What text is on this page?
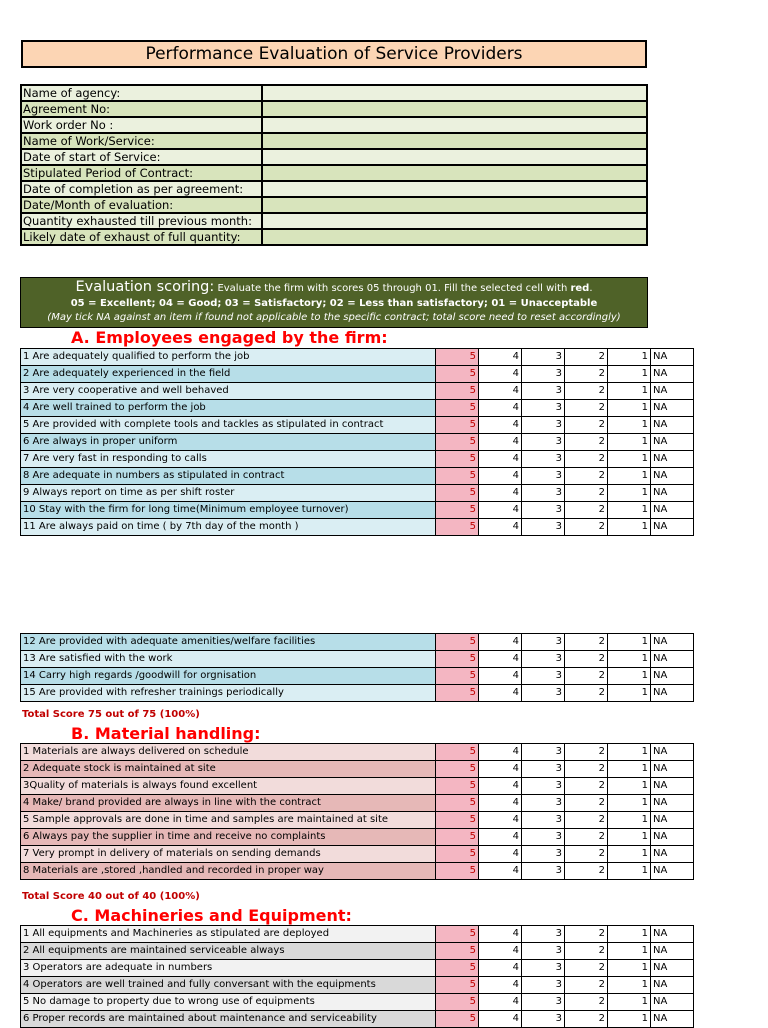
Performance Evaluation of Service Providers
Name of agency:	
Agreement No:	
Work order No :	
Name of Work/Service:	
Date of start of Service:	
Stipulated Period of Contract:	
Date of completion as per agreement:	
Date/Month of evaluation:	
Quantity exhausted till previous month:	
Likely date of exhaust of full quantity:	
Evaluation scoring: Evaluate the firm with scores 05 through 01. Fill the selected cell with red.
05 = Excellent; 04 = Good; 03 = Satisfactory; 02 = Less than satisfactory; 01 = Unacceptable
(May tick NA against an item if found not applicable to the specific contract; total score need to reset accordingly)
A. Employees engaged by the firm:
1 Are adequately qualified to perform the job	5	4	3	2	1	NA
2 Are adequately experienced in the field	5	4	3	2	1	NA
3 Are very cooperative and well behaved	5	4	3	2	1	NA
4 Are well trained to perform the job	5	4	3	2	1	NA
5 Are provided with complete tools and tackles as stipulated in contract	5	4	3	2	1	NA
6 Are always in proper uniform	5	4	3	2	1	NA
7 Are very fast in responding to calls	5	4	3	2	1	NA
8 Are adequate in numbers as stipulated in contract	5	4	3	2	1	NA
9 Always report on time as per shift roster	5	4	3	2	1	NA
10 Stay with the firm for long time(Minimum employee turnover)	5	4	3	2	1	NA
11 Are always paid on time ( by 7th day of the month )	5	4	3	2	1	NA
12 Are provided with adequate amenities/welfare facilities	5	4	3	2	1	NA
13 Are satisfied with the work	5	4	3	2	1	NA
14 Carry high regards /goodwill for orgnisation	5	4	3	2	1	NA
15 Are provided with refresher trainings periodically	5	4	3	2	1	NA
Total Score 75 out of 75 (100%)
B. Material handling:
1 Materials are always delivered on schedule	5	4	3	2	1	NA
2 Adequate stock is maintained at site	5	4	3	2	1	NA
3Quality of materials is always found excellent	5	4	3	2	1	NA
4 Make/ brand provided are always in line with the contract	5	4	3	2	1	NA
5 Sample approvals are done in time and samples are maintained at site	5	4	3	2	1	NA
6 Always pay the supplier in time and receive no complaints	5	4	3	2	1	NA
7 Very prompt in delivery of materials on sending demands	5	4	3	2	1	NA
8 Materials are ,stored ,handled and recorded in proper way	5	4	3	2	1	NA
Total Score 40 out of 40 (100%)
C. Machineries and Equipment:
1 All equipments and Machineries as stipulated are deployed	5	4	3	2	1	NA
2 All equipments are maintained serviceable always	5	4	3	2	1	NA
3 Operators are adequate in numbers	5	4	3	2	1	NA
4 Operators are well trained and fully conversant with the equipments	5	4	3	2	1	NA
5 No damage to property due to wrong use of equipments	5	4	3	2	1	NA
6 Proper records are maintained about maintenance and serviceability	5	4	3	2	1	NA
